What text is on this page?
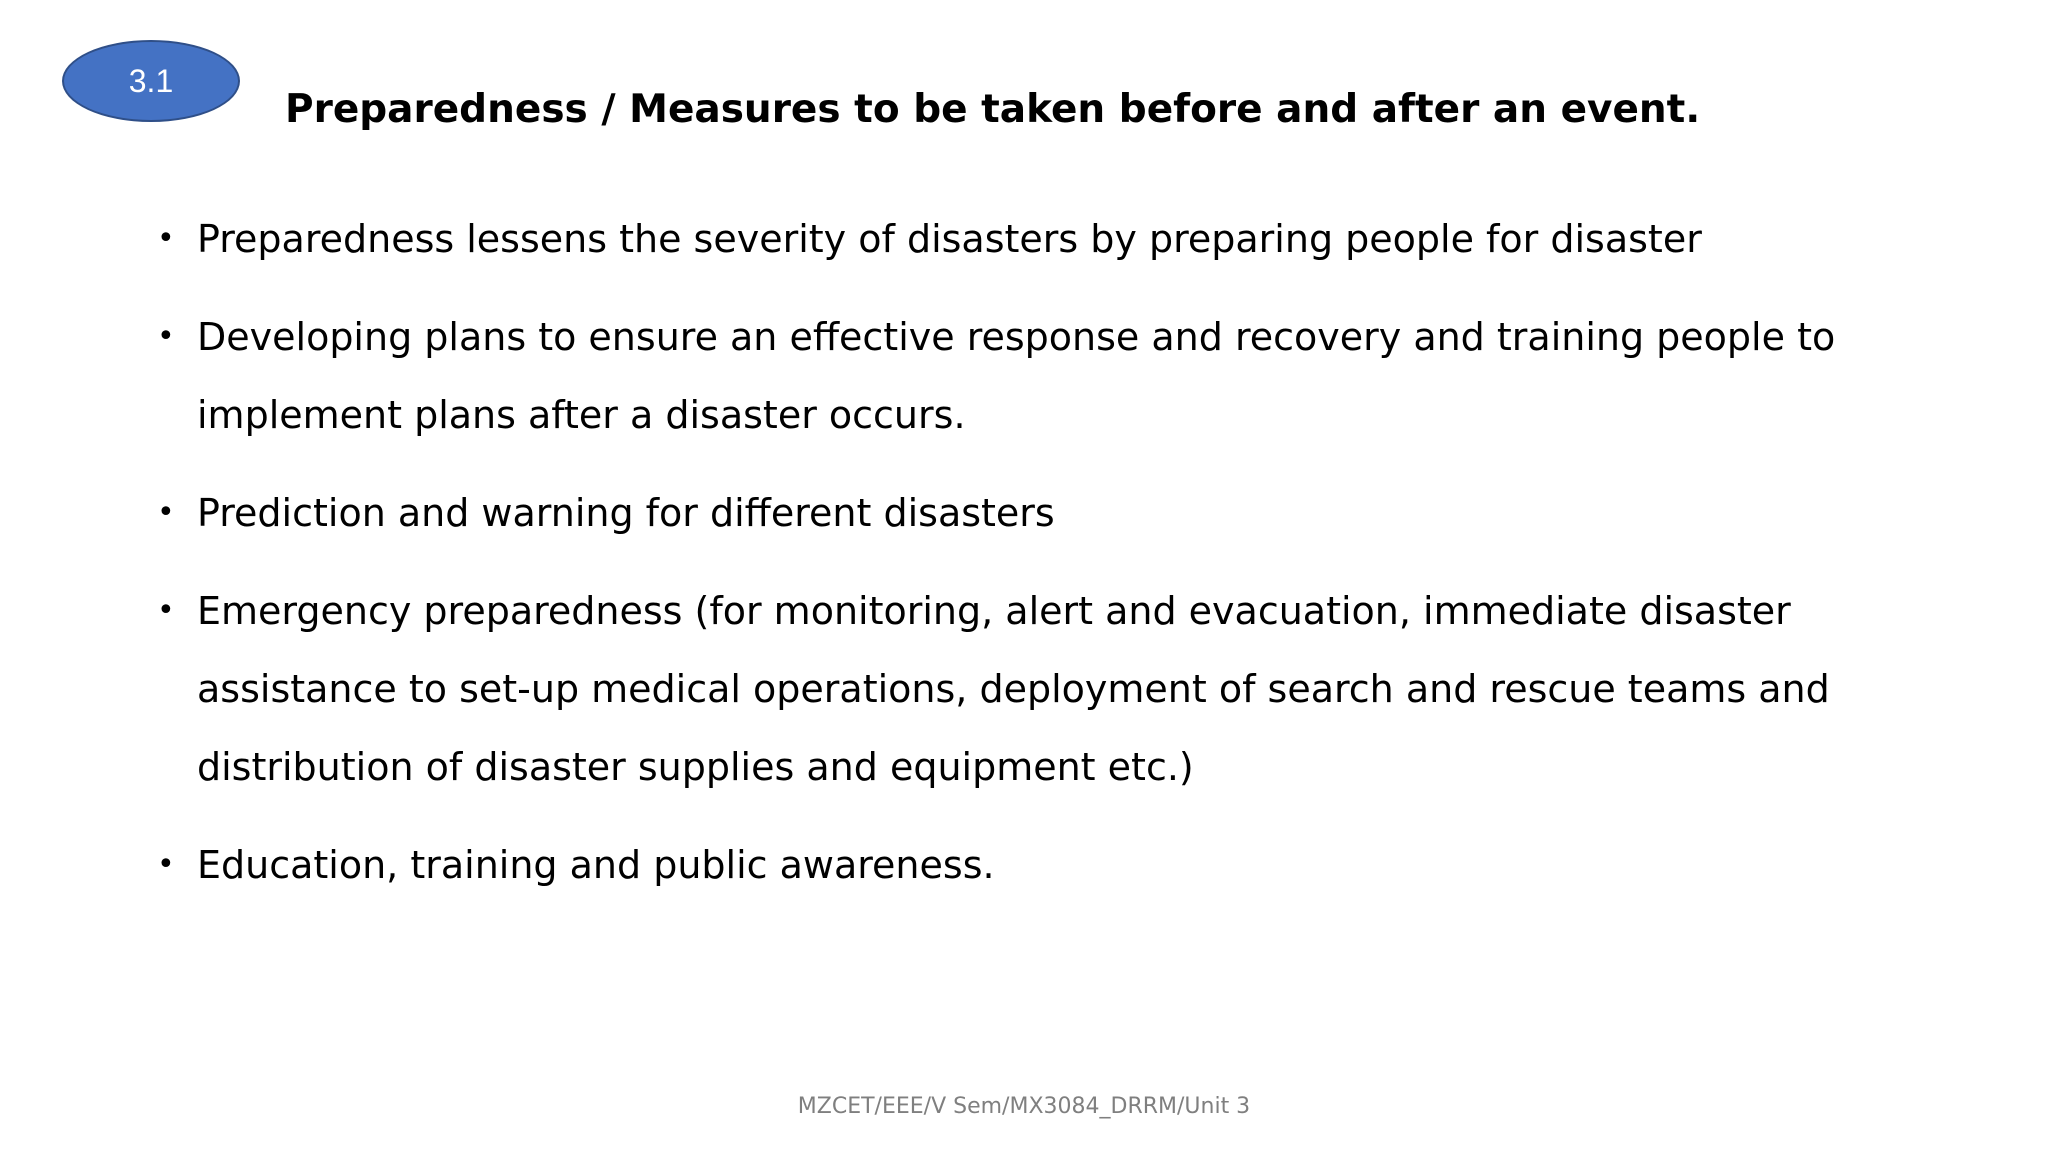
3.1
Preparedness / Measures to be taken before and after an event.
• Preparedness lessens the severity of disasters by preparing people for disaster
• Developing plans to ensure an effective response and recovery and training people to implement plans after a disaster occurs.
• Prediction and warning for different disasters
• Emergency preparedness (for monitoring, alert and evacuation, immediate disaster assistance to set-up medical operations, deployment of search and rescue teams and distribution of disaster supplies and equipment etc.)
• Education, training and public awareness.
MZCET/EEE/V Sem/MX3084_DRRM/Unit 3
